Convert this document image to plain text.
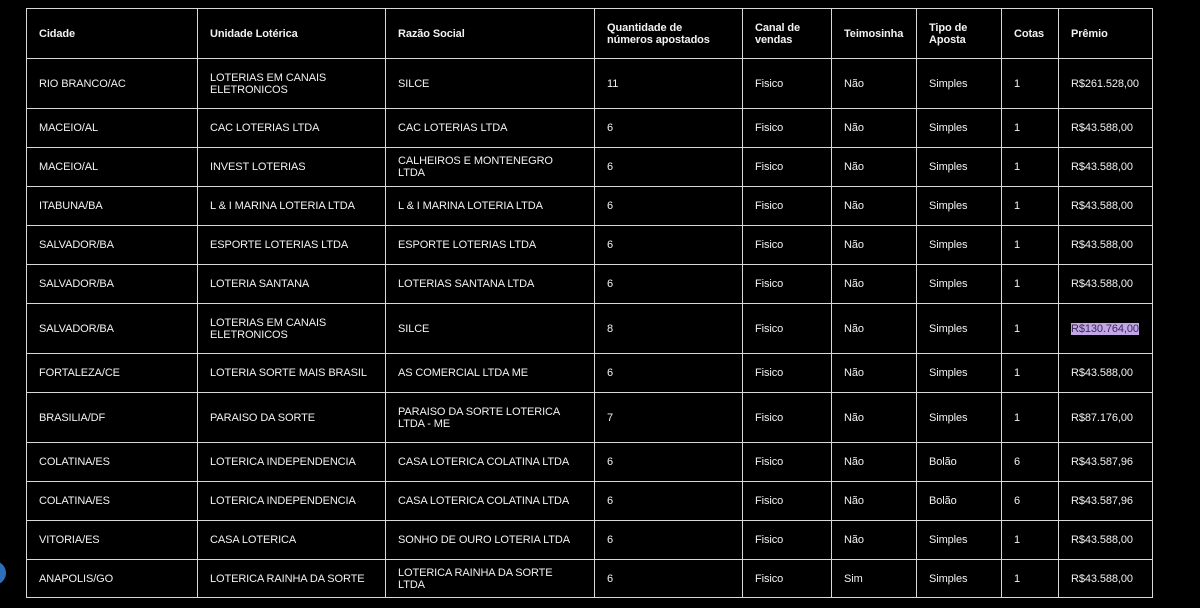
Cidade	Unidade Lotérica	Razão Social	Quantidade de números apostados	Canal de vendas	Teimosinha	Tipo de Aposta	Cotas	Prêmio
RIO BRANCO/AC	LOTERIAS EM CANAIS ELETRONICOS	SILCE	11	Fisico	Não	Simples	1	R$261.528,00
MACEIO/AL	CAC LOTERIAS LTDA	CAC LOTERIAS LTDA	6	Fisico	Não	Simples	1	R$43.588,00
MACEIO/AL	INVEST LOTERIAS	CALHEIROS E MONTENEGRO LTDA	6	Fisico	Não	Simples	1	R$43.588,00
ITABUNA/BA	L & I MARINA LOTERIA LTDA	L & I MARINA LOTERIA LTDA	6	Fisico	Não	Simples	1	R$43.588,00
SALVADOR/BA	ESPORTE LOTERIAS LTDA	ESPORTE LOTERIAS LTDA	6	Fisico	Não	Simples	1	R$43.588,00
SALVADOR/BA	LOTERIA SANTANA	LOTERIAS SANTANA LTDA	6	Fisico	Não	Simples	1	R$43.588,00
SALVADOR/BA	LOTERIAS EM CANAIS ELETRONICOS	SILCE	8	Fisico	Não	Simples	1	R$130.764,00
FORTALEZA/CE	LOTERIA SORTE MAIS BRASIL	AS COMERCIAL LTDA ME	6	Fisico	Não	Simples	1	R$43.588,00
BRASILIA/DF	PARAISO DA SORTE	PARAISO DA SORTE LOTERICA LTDA - ME	7	Fisico	Não	Simples	1	R$87.176,00
COLATINA/ES	LOTERICA INDEPENDENCIA	CASA LOTERICA COLATINA LTDA	6	Fisico	Não	Bolão	6	R$43.587,96
COLATINA/ES	LOTERICA INDEPENDENCIA	CASA LOTERICA COLATINA LTDA	6	Fisico	Não	Bolão	6	R$43.587,96
VITORIA/ES	CASA LOTERICA	SONHO DE OURO LOTERIA LTDA	6	Fisico	Não	Simples	1	R$43.588,00
ANAPOLIS/GO	LOTERICA RAINHA DA SORTE	LOTERICA RAINHA DA SORTE LTDA	6	Fisico	Sim	Simples	1	R$43.588,00
